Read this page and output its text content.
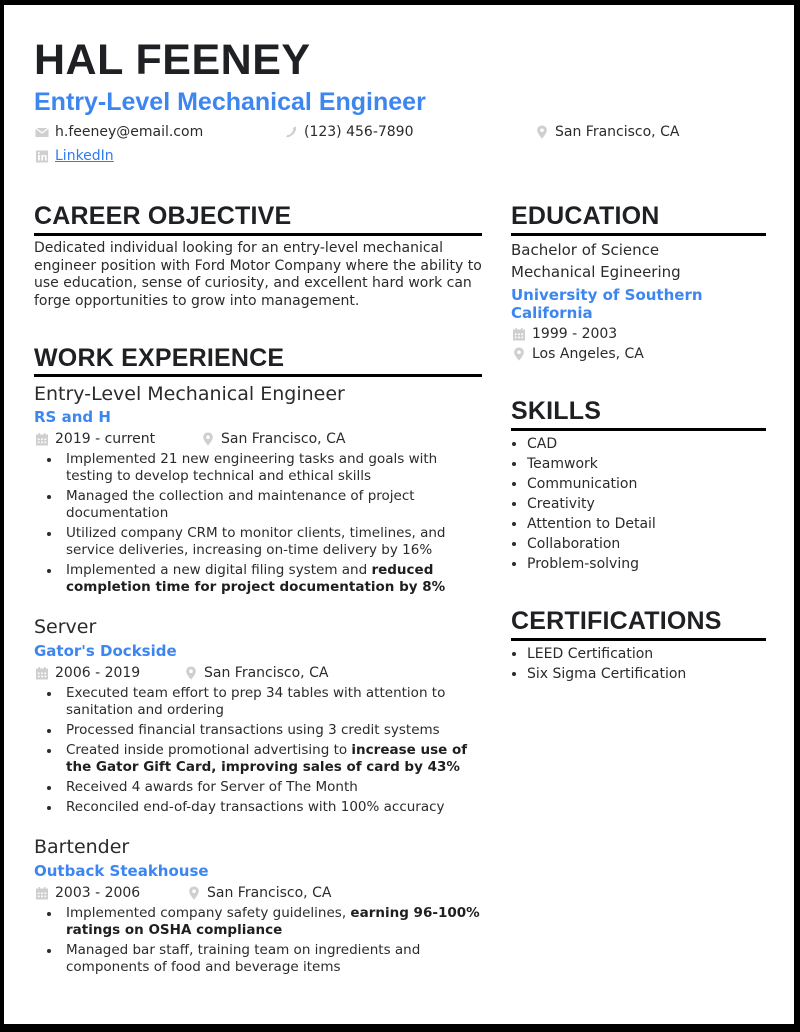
HAL FEENEY
Entry-Level Mechanical Engineer
h.feeney@email.com	(123) 456-7890	San Francisco, CA
LinkedIn
CAREER OBJECTIVE
Dedicated individual looking for an entry-level mechanical engineer position with Ford Motor Company where the ability to use education, sense of curiosity, and excellent hard work can forge opportunities to grow into management.
WORK EXPERIENCE
Entry-Level Mechanical Engineer
RS and H
2019 - current	San Francisco, CA
Implemented 21 new engineering tasks and goals with testing to develop technical and ethical skills
Managed the collection and maintenance of project documentation
Utilized company CRM to monitor clients, timelines, and service deliveries, increasing on-time delivery by 16%
Implemented a new digital filing system and reduced completion time for project documentation by 8%
Server
Gator's Dockside
2006 - 2019	San Francisco, CA
Executed team effort to prep 34 tables with attention to sanitation and ordering
Processed financial transactions using 3 credit systems
Created inside promotional advertising to increase use of the Gator Gift Card, improving sales of card by 43%
Received 4 awards for Server of The Month
Reconciled end-of-day transactions with 100% accuracy
Bartender
Outback Steakhouse
2003 - 2006	San Francisco, CA
Implemented company safety guidelines, earning 96-100% ratings on OSHA compliance
Managed bar staff, training team on ingredients and components of food and beverage items
EDUCATION
Bachelor of Science
Mechanical Egineering
University of Southern California
1999 - 2003
Los Angeles, CA
SKILLS
CAD
Teamwork
Communication
Creativity
Attention to Detail
Collaboration
Problem-solving
CERTIFICATIONS
LEED Certification
Six Sigma Certification
